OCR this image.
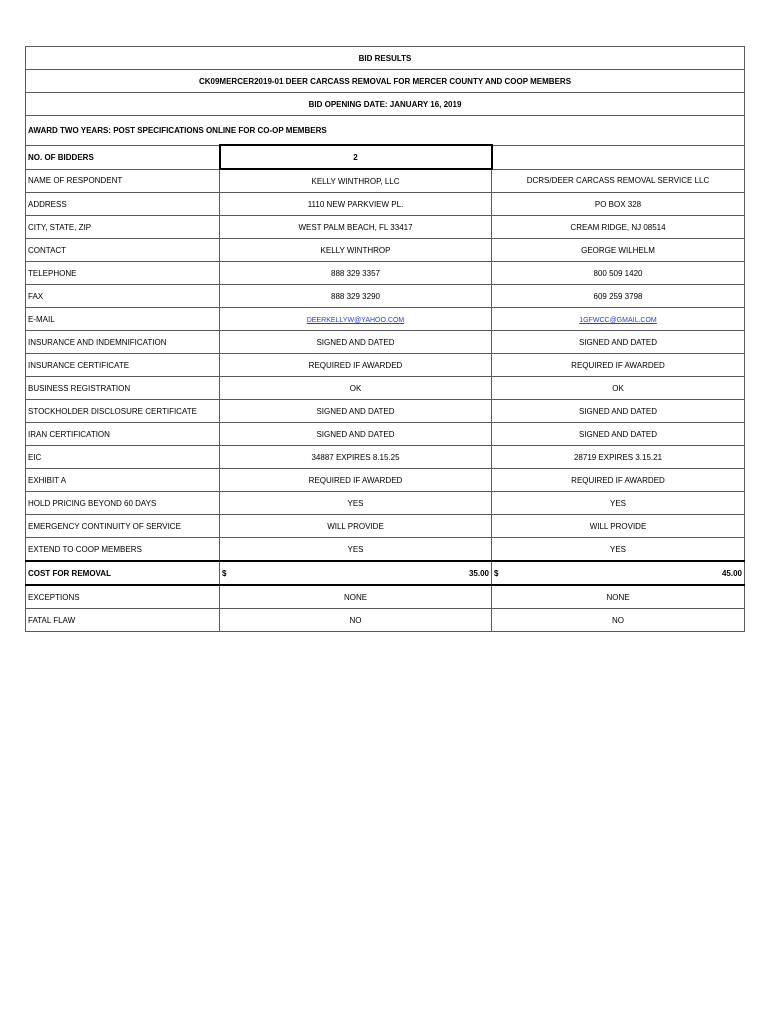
BID RESULTS		
CK09MERCER2019-01 DEER CARCASS REMOVAL FOR MERCER COUNTY AND COOP MEMBERS		
BID OPENING DATE: JANUARY 16, 2019		
AWARD TWO YEARS: POST SPECIFICATIONS ONLINE FOR CO-OP MEMBERS		
NO. OF BIDDERS	2	
NAME OF RESPONDENT	KELLY WINTHROP, LLC	DCRS/DEER CARCASS REMOVAL SERVICE LLC
ADDRESS	1110 NEW PARKVIEW PL.	PO BOX 328
CITY, STATE, ZIP	WEST PALM BEACH, FL 33417	CREAM RIDGE, NJ 08514
CONTACT	KELLY WINTHROP	GEORGE WILHELM
TELEPHONE	888 329 3357	800 509 1420
FAX	888 329 3290	609 259 3798
E-MAIL	DEERKELLYW@YAHOO.COM	1GFWCC@GMAIL.COM
INSURANCE AND INDEMNIFICATION	SIGNED AND DATED	SIGNED AND DATED
INSURANCE CERTIFICATE	REQUIRED IF AWARDED	REQUIRED IF AWARDED
BUSINESS REGISTRATION	OK	OK
STOCKHOLDER DISCLOSURE CERTIFICATE	SIGNED AND DATED	SIGNED AND DATED
IRAN CERTIFICATION	SIGNED AND DATED	SIGNED AND DATED
EIC	34887 EXPIRES 8.15.25	28719 EXPIRES 3.15.21
EXHIBIT A	REQUIRED IF AWARDED	REQUIRED IF AWARDED
HOLD PRICING BEYOND 60 DAYS	YES	YES
EMERGENCY CONTINUITY OF SERVICE	WILL PROVIDE	WILL PROVIDE
EXTEND TO COOP MEMBERS	YES	YES
COST FOR REMOVAL	$ 35.00	$ 45.00

EXCEPTIONS	NONE	NONE
FATAL FLAW	NO	NO
